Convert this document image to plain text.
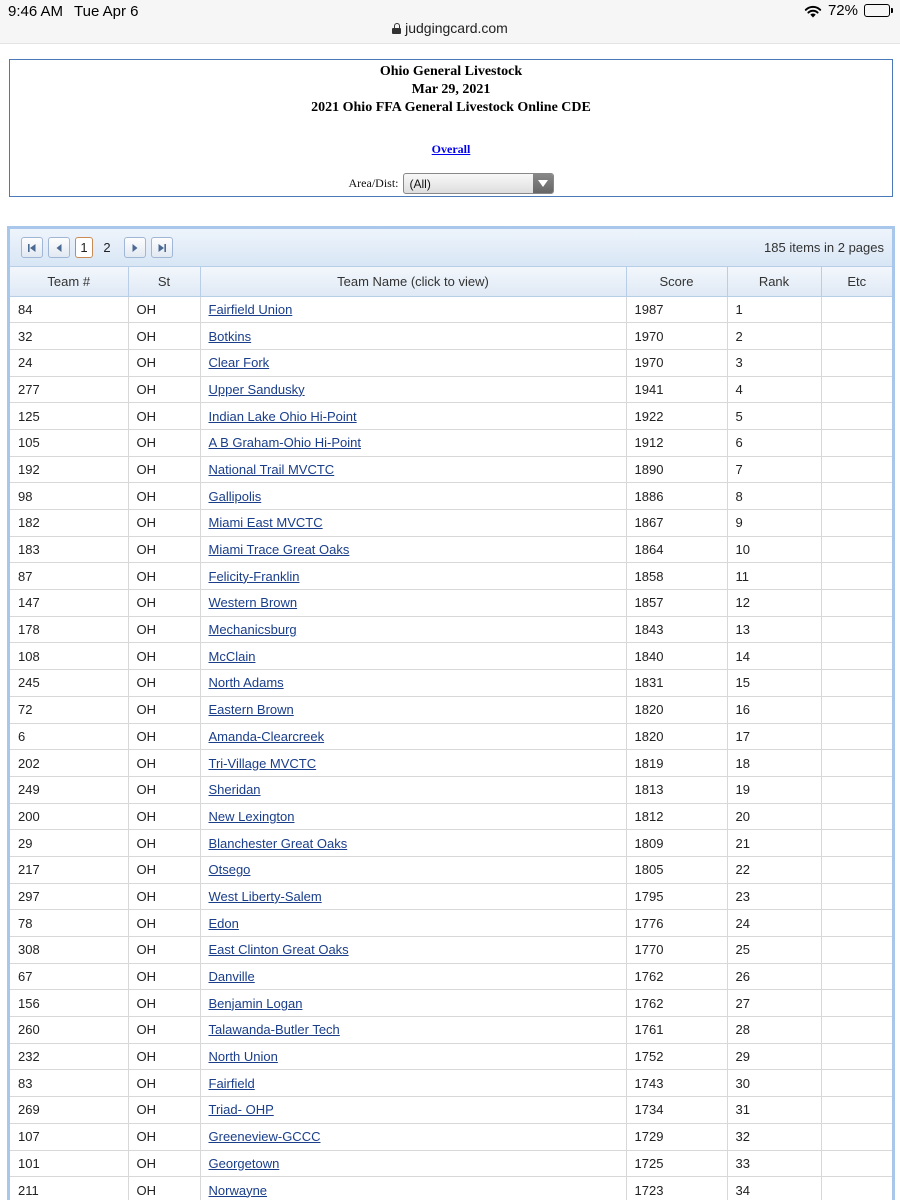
9:46 AM Tue Apr 6	72%
judgingcard.com
Ohio General Livestock
Mar 29, 2021
2021 Ohio FFA General Livestock Online CDE
Overall
Area/Dist: (All)
1	2	185 items in 2 pages
Team #	St	Team Name (click to view)	Score	Rank	Etc
84	OH	Fairfield Union	1987	1	
32	OH	Botkins	1970	2	
24	OH	Clear Fork	1970	3	
277	OH	Upper Sandusky	1941	4	
125	OH	Indian Lake Ohio Hi-Point	1922	5	
105	OH	A B Graham-Ohio Hi-Point	1912	6	
192	OH	National Trail MVCTC	1890	7	
98	OH	Gallipolis	1886	8	
182	OH	Miami East MVCTC	1867	9	
183	OH	Miami Trace Great Oaks	1864	10	
87	OH	Felicity-Franklin	1858	11	
147	OH	Western Brown	1857	12	
178	OH	Mechanicsburg	1843	13	
108	OH	McClain	1840	14	
245	OH	North Adams	1831	15	
72	OH	Eastern Brown	1820	16	
6	OH	Amanda-Clearcreek	1820	17	
202	OH	Tri-Village MVCTC	1819	18	
249	OH	Sheridan	1813	19	
200	OH	New Lexington	1812	20	
29	OH	Blanchester Great Oaks	1809	21	
217	OH	Otsego	1805	22	
297	OH	West Liberty-Salem	1795	23	
78	OH	Edon	1776	24	
308	OH	East Clinton Great Oaks	1770	25	
67	OH	Danville	1762	26	
156	OH	Benjamin Logan	1762	27	
260	OH	Talawanda-Butler Tech	1761	28	
232	OH	North Union	1752	29	
83	OH	Fairfield	1743	30	
269	OH	Triad- OHP	1734	31	
107	OH	Greeneview-GCCC	1729	32	
101	OH	Georgetown	1725	33	
211	OH	Norwayne	1723	34	
